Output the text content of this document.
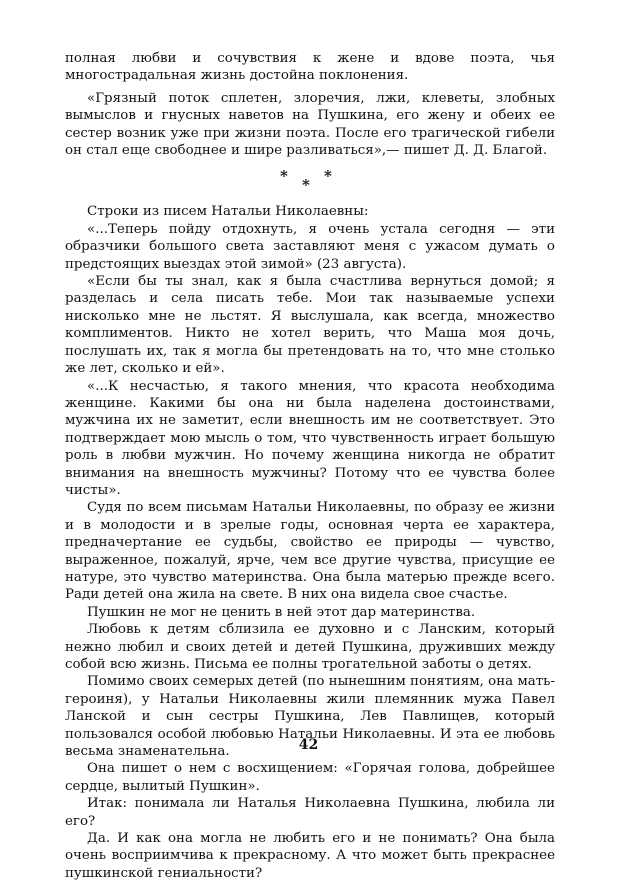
полная любви и сочувствия к жене и вдове поэта, чья многострадальная жизнь достойна поклонения.

«Грязный поток сплетен, злоречия, лжи, клеветы, злобных вымыслов и гнусных наветов на Пушкина, его жену и обеих ее сестер возник уже при жизни поэта. После его трагической гибели он стал еще свободнее и шире разливаться»,— пишет Д. Д. Благой.

* * *

Строки из писем Натальи Николаевны:

«...Теперь пойду отдохнуть, я очень устала сегодня — эти образчики большого света заставляют меня с ужасом думать о предстоящих выездах этой зимой» (23 августа).

«Если бы ты знал, как я была счастлива вернуться домой; я разделась и села писать тебе. Мои так называемые успехи нисколько мне не льстят. Я выслушала, как всегда, множество комплиментов. Никто не хотел верить, что Маша моя дочь, послушать их, так я могла бы претендовать на то, что мне столько же лет, сколько и ей».

«...К несчастью, я такого мнения, что красота необходима женщине. Какими бы она ни была наделена достоинствами, мужчина их не заметит, если внешность им не соответствует. Это подтверждает мою мысль о том, что чувственность играет большую роль в любви мужчин. Но почему женщина никогда не обратит внимания на внешность мужчины? Потому что ее чувства более чисты».

Судя по всем письмам Натальи Николаевны, по образу ее жизни и в молодости и в зрелые годы, основная черта ее характера, предначертание ее судьбы, свойство ее природы — чувство, выраженное, пожалуй, ярче, чем все другие чувства, присущие ее натуре, это чувство материнства. Она была матерью прежде всего. Ради детей она жила на свете. В них она видела свое счастье.

Пушкин не мог не ценить в ней этот дар материнства.

Любовь к детям сблизила ее духовно и с Ланским, который нежно любил и своих детей и детей Пушкина, друживших между собой всю жизнь. Письма ее полны трогательной заботы о детях.

Помимо своих семерых детей (по нынешним понятиям, она мать-героиня), у Натальи Николаевны жили племянник мужа Павел Ланской и сын сестры Пушкина, Лев Павлищев, который пользовался особой любовью Натальи Николаевны. И эта ее любовь весьма знаменательна.

Она пишет о нем с восхищением: «Горячая голова, добрейшее сердце, вылитый Пушкин».

Итак: понимала ли Наталья Николаевна Пушкина, любила ли его?

Да. И как она могла не любить его и не понимать? Она была очень восприимчива к прекрасному. А что может быть прекраснее пушкинской гениальности?

42
